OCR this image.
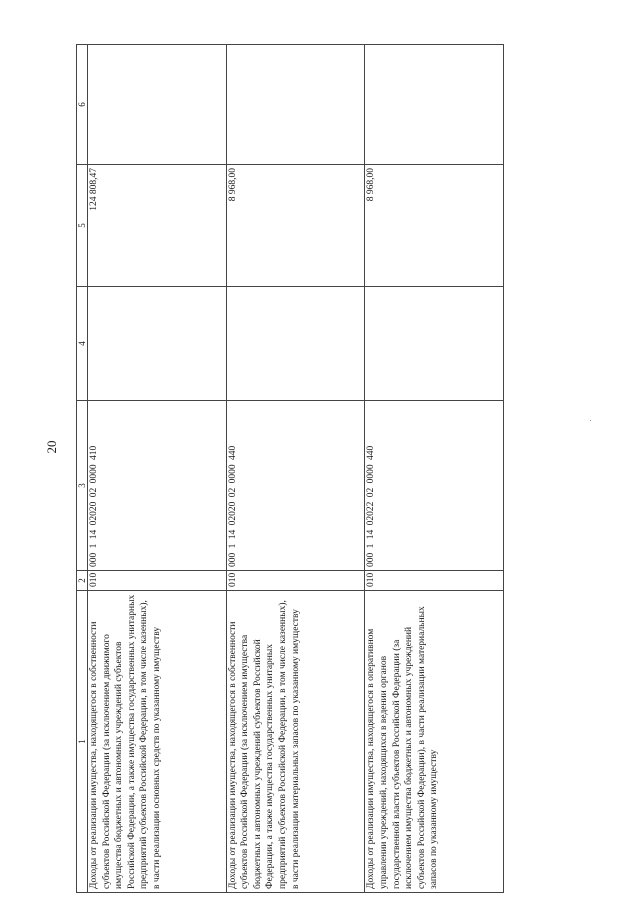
20
1	2	3	4	5	6
Доходы от реализации имущества, находящегося в собственности субъектов Российской Федерации (за исключением движимого имущества бюджетных и автономных учреждений субъектов Российской Федерации, а также имущества государственных унитарных предприятий субъектов Российской Федерации, в том числе казенных), в части реализации основных средств по указанному имуществу	010	000 1 14 02020 02 0000 410		124 808,47	
Доходы от реализации имущества, находящегося в собственности субъектов Российской Федерации (за исключением имущества бюджетных и автономных учреждений субъектов Российской Федерации, а также имущества государственных унитарных предприятий субъектов Российской Федерации, в том числе казенных), в части реализации материальных запасов по указанному имуществу	010	000 1 14 02020 02 0000 440		8 968,00	
Доходы от реализации имущества, находящегося в оперативном управлении учреждений, находящихся в ведении органов государственной власти субъектов Российской Федерации (за исключением имущества бюджетных и автономных учреждений субъектов Российской Федерации), в части реализации материальных запасов по указанному имуществу	010	000 1 14 02022 02 0000 440		8 968,00	
